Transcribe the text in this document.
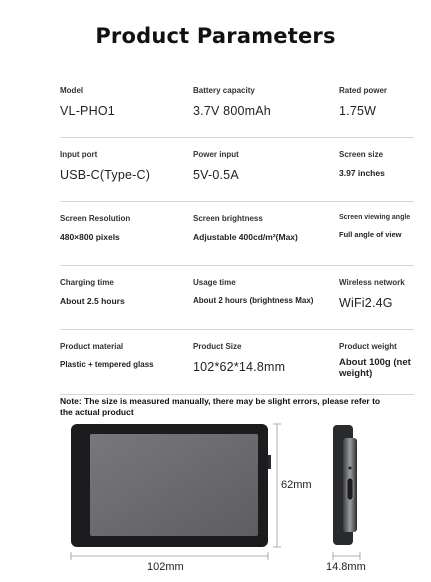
Product Parameters
Model
VL-PHO1
Battery capacity
3.7V 800mAh
Rated power
1.75W
Input port
USB-C(Type-C)
Power input
5V-0.5A
Screen size
3.97 inches
Screen Resolution
480×800 pixels
Screen brightness
Adjustable 400cd/m²(Max)
Screen viewing angle
Full angle of view
Charging time
About 2.5 hours
Usage time
About 2 hours (brightness Max)
Wireless network
WiFi2.4G
Product material
Plastic + tempered glass
Product Size
102*62*14.8mm
Product weight
About 100g (net weight)
Note: The size is measured manually, there may be slight errors, please refer to the actual product
62mm
102mm	14.8mm
